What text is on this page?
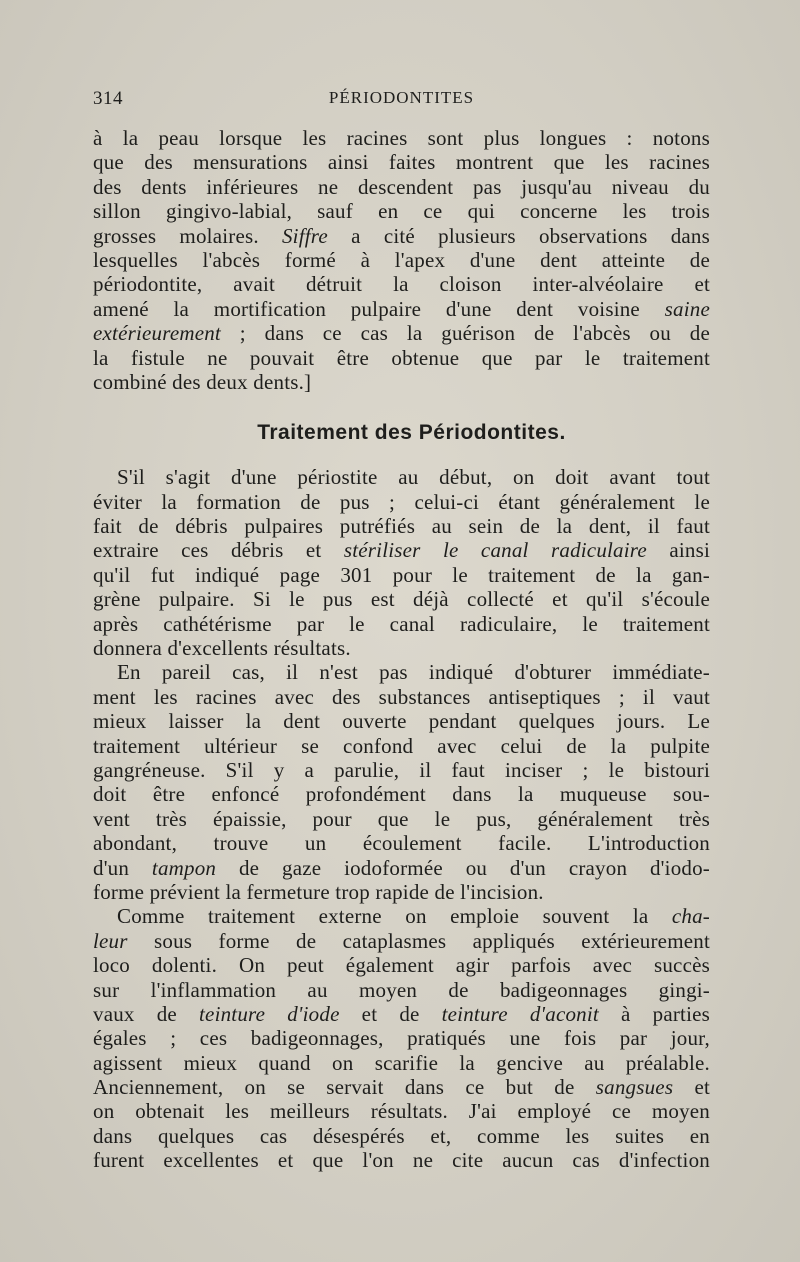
314	PÉRIODONTITES
à la peau lorsque les racines sont plus longues : notons
que des mensurations ainsi faites montrent que les racines
des dents inférieures ne descendent pas jusqu'au niveau du
sillon gingivo-labial, sauf en ce qui concerne les trois
grosses molaires. Siffre a cité plusieurs observations dans
lesquelles l'abcès formé à l'apex d'une dent atteinte de
périodontite, avait détruit la cloison inter-alvéolaire et
amené la mortification pulpaire d'une dent voisine saine
extérieurement ; dans ce cas la guérison de l'abcès ou de
la fistule ne pouvait être obtenue que par le traitement
combiné des deux dents.]
Traitement des Périodontites.
S'il s'agit d'une périostite au début, on doit avant tout
éviter la formation de pus ; celui-ci étant généralement le
fait de débris pulpaires putréfiés au sein de la dent, il faut
extraire ces débris et stériliser le canal radiculaire ainsi
qu'il fut indiqué page 301 pour le traitement de la gan-
grène pulpaire. Si le pus est déjà collecté et qu'il s'écoule
après cathétérisme par le canal radiculaire, le traitement
donnera d'excellents résultats.
En pareil cas, il n'est pas indiqué d'obturer immédiate-
ment les racines avec des substances antiseptiques ; il vaut
mieux laisser la dent ouverte pendant quelques jours. Le
traitement ultérieur se confond avec celui de la pulpite
gangréneuse. S'il y a parulie, il faut inciser ; le bistouri
doit être enfoncé profondément dans la muqueuse sou-
vent très épaissie, pour que le pus, généralement très
abondant, trouve un écoulement facile. L'introduction
d'un tampon de gaze iodoformée ou d'un crayon d'iodo-
forme prévient la fermeture trop rapide de l'incision.
Comme traitement externe on emploie souvent la cha-
leur sous forme de cataplasmes appliqués extérieurement
loco dolenti. On peut également agir parfois avec succès
sur l'inflammation au moyen de badigeonnages gingi-
vaux de teinture d'iode et de teinture d'aconit à parties
égales ; ces badigeonnages, pratiqués une fois par jour,
agissent mieux quand on scarifie la gencive au préalable.
Anciennement, on se servait dans ce but de sangsues et
on obtenait les meilleurs résultats. J'ai employé ce moyen
dans quelques cas désespérés et, comme les suites en
furent excellentes et que l'on ne cite aucun cas d'infection
